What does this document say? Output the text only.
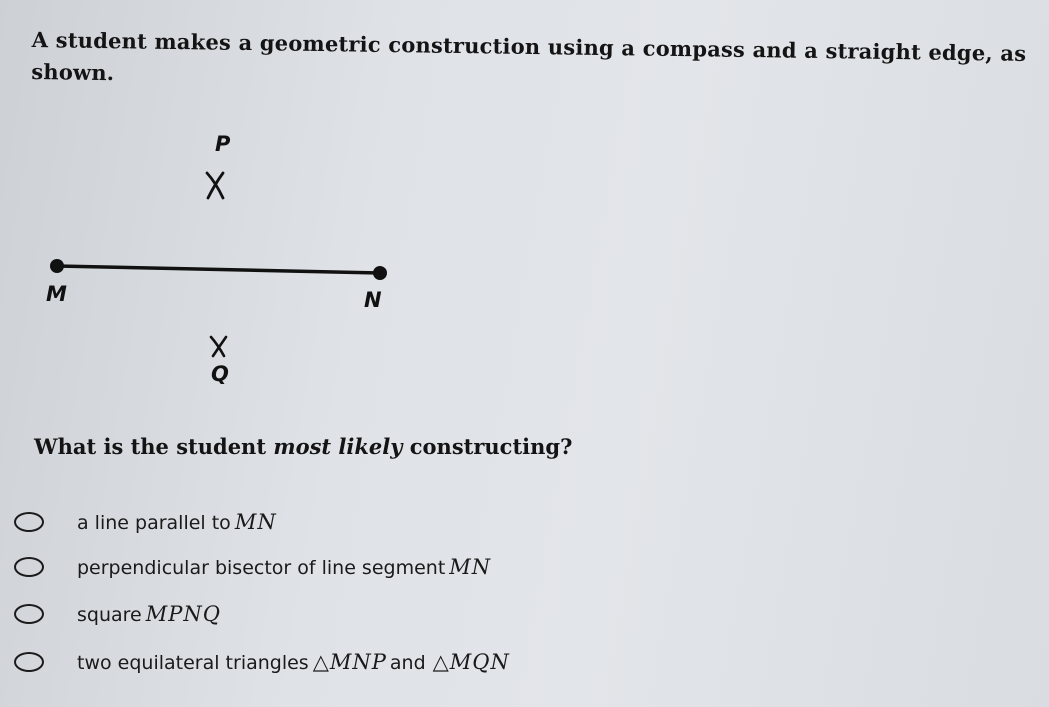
A student makes a geometric construction using a compass and a straight edge, as shown.
P
M	N
Q
What is the student most likely constructing?
a line parallel to MN
perpendicular bisector of line segment MN
square MPNQ
two equilateral triangles △MNP and △MQN
